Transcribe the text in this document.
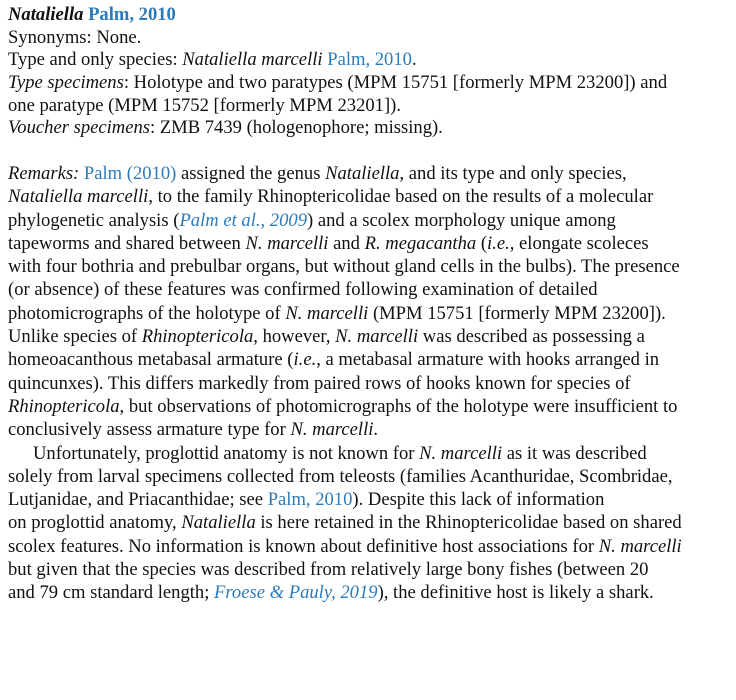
Nataliella Palm, 2010
Synonyms: None.
Type and only species: Nataliella marcelli Palm, 2010.
Type specimens: Holotype and two paratypes (MPM 15751 [formerly MPM 23200]) and
one paratype (MPM 15752 [formerly MPM 23201]).
Voucher specimens: ZMB 7439 (hologenophore; missing).
Remarks: Palm (2010) assigned the genus Nataliella, and its type and only species,
Nataliella marcelli, to the family Rhinoptericolidae based on the results of a molecular
phylogenetic analysis (Palm et al., 2009) and a scolex morphology unique among
tapeworms and shared between N. marcelli and R. megacantha (i.e., elongate scoleces
with four bothria and prebulbar organs, but without gland cells in the bulbs). The presence
(or absence) of these features was confirmed following examination of detailed
photomicrographs of the holotype of N. marcelli (MPM 15751 [formerly MPM 23200]).
Unlike species of Rhinoptericola, however, N. marcelli was described as possessing a
homeoacanthous metabasal armature (i.e., a metabasal armature with hooks arranged in
quincunxes). This differs markedly from paired rows of hooks known for species of
Rhinoptericola, but observations of photomicrographs of the holotype were insufficient to
conclusively assess armature type for N. marcelli.
Unfortunately, proglottid anatomy is not known for N. marcelli as it was described
solely from larval specimens collected from teleosts (families Acanthuridae, Scombridae,
Lutjanidae, and Priacanthidae; see Palm, 2010). Despite this lack of information
on proglottid anatomy, Nataliella is here retained in the Rhinoptericolidae based on shared
scolex features. No information is known about definitive host associations for N. marcelli
but given that the species was described from relatively large bony fishes (between 20
and 79 cm standard length; Froese & Pauly, 2019), the definitive host is likely a shark.
